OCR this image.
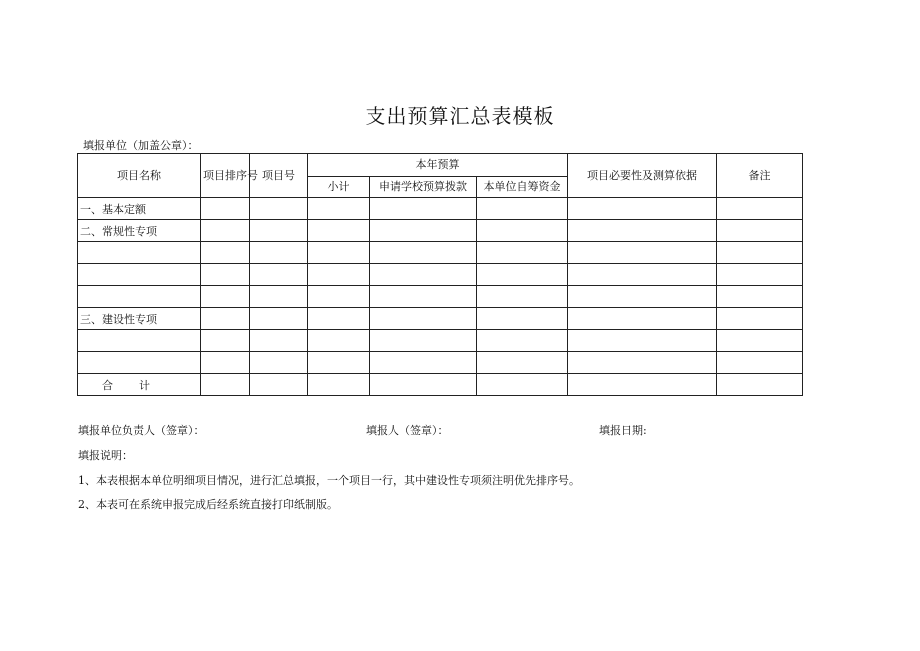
支出预算汇总表模板
填报单位（加盖公章）：
项目名称	项目排序号	项目号	本年预算			项目必要性及测算依据	备注
			小计	申请学校预算拨款	本单位自筹资金		
一、基本定额							
二、常规性专项							

三、建设性专项							

合计							
填报单位负责人（签章）：	填报人（签章）：	填报日期:
填报说明：
1、本表根据本单位明细项目情况，进行汇总填报，一个项目一行，其中建设性专项须注明优先排序号。
2、本表可在系统申报完成后经系统直接打印纸制版。
